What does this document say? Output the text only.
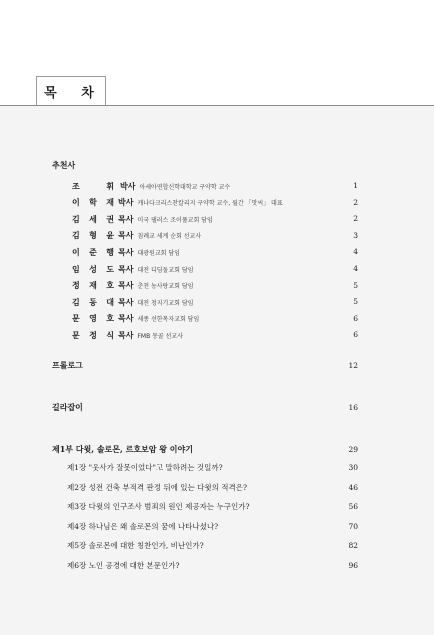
목 차
추천사
조	휘 박사 아세아연합신학대학교 구약학 교수	1
이 학 재 박사 캐나다크리스찬칼리지 구약학 교수, 월간 「맛씨」 대표	2
김 세 권 목사 미국 댈러스 조이풀교회 담임	2
김 형 윤 목사 침례교 세계 순회 선교사	3
이 준 행 목사 대광원교회 담임	4
임 성 도 목사 대전 디딤돌교회 담임	4
정 재 호 목사 춘천 농사랑교회 담임	5
김 동 대 목사 대전 청지기교회 담임	5
문 영 호 목사 세종 선한목자교회 담임	6
문 정 식 목사 FMB 몽골 선교사	6
프롤로그	12
길라잡이	16
제1부 다윗, 솔로몬, 르호보암 왕 이야기	29
제1장 "웃사가 잘못이었다"고 말하려는 것일까?	30
제2장 성전 건축 부적격 판정 뒤에 있는 다윗의 적격은?	46
제3장 다윗의 인구조사 범죄의 원인 제공자는 누구인가?	56
제4장 하나님은 왜 솔로몬의 꿈에 나타나셨나?	70
제5장 솔로몬에 대한 칭찬인가, 비난인가?	82
제6장 노인 공경에 대한 본문인가?	96
